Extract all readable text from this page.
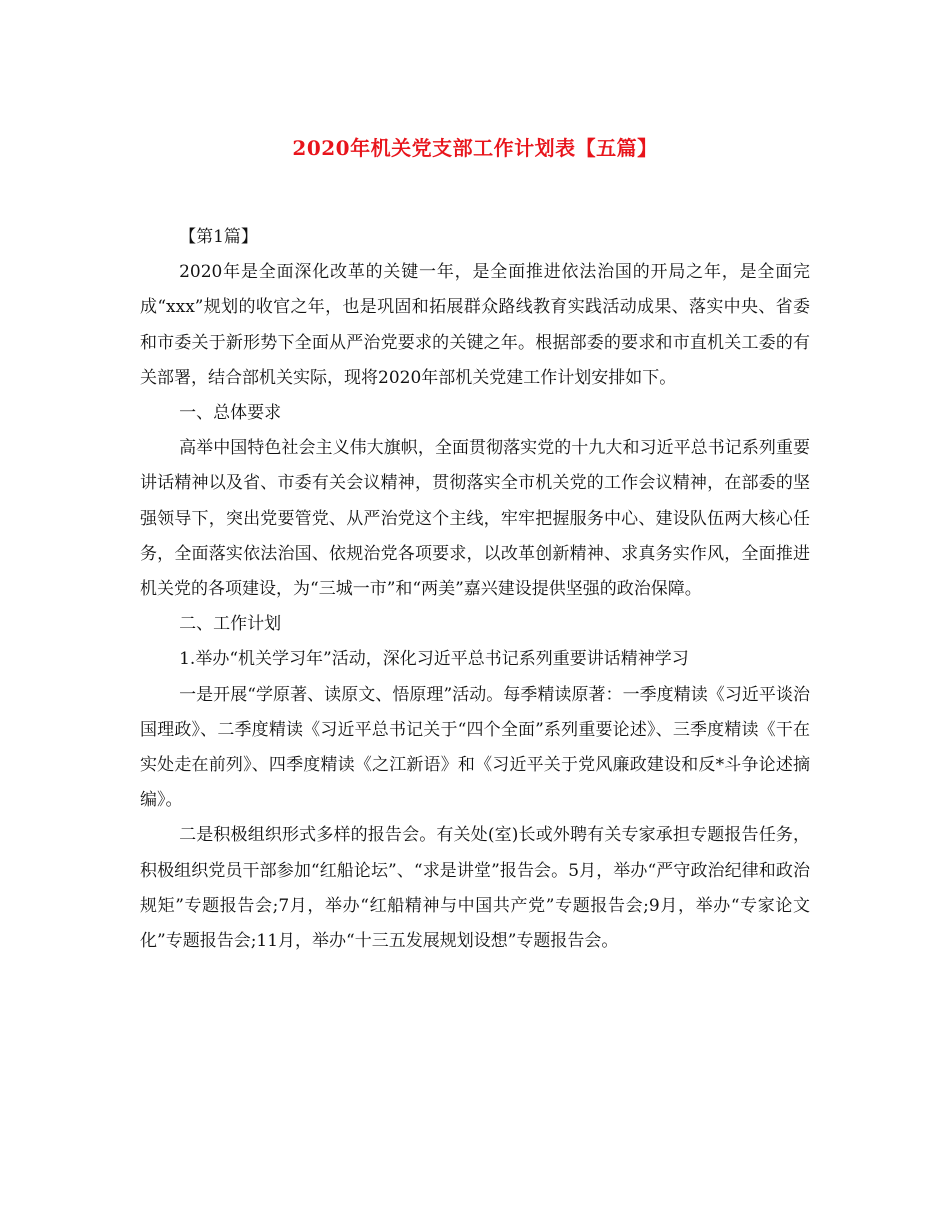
2020年机关党支部工作计划表【五篇】

【第1篇】

2020年是全面深化改革的关键一年，是全面推进依法治国的开局之年，是全面完成“xxx”规划的收官之年，也是巩固和拓展群众路线教育实践活动成果、落实中央、省委和市委关于新形势下全面从严治党要求的关键之年。根据部委的要求和市直机关工委的有关部署，结合部机关实际，现将2020年部机关党建工作计划安排如下。

一、总体要求

高举中国特色社会主义伟大旗帜，全面贯彻落实党的十九大和习近平总书记系列重要讲话精神以及省、市委有关会议精神，贯彻落实全市机关党的工作会议精神，在部委的坚强领导下，突出党要管党、从严治党这个主线，牢牢把握服务中心、建设队伍两大核心任务，全面落实依法治国、依规治党各项要求，以改革创新精神、求真务实作风，全面推进机关党的各项建设，为“三城一市”和“两美”嘉兴建设提供坚强的政治保障。

二、工作计划

1.举办“机关学习年”活动，深化习近平总书记系列重要讲话精神学习

一是开展“学原著、读原文、悟原理”活动。每季精读原著：一季度精读《习近平谈治国理政》、二季度精读《习近平总书记关于“四个全面”系列重要论述》、三季度精读《干在实处走在前列》、四季度精读《之江新语》和《习近平关于党风廉政建设和反*斗争论述摘编》。

二是积极组织形式多样的报告会。有关处(室)长或外聘有关专家承担专题报告任务，积极组织党员干部参加“红船论坛”、“求是讲堂”报告会。5月，举办“严守政治纪律和政治规矩”专题报告会;7月，举办“红船精神与中国共产党”专题报告会;9月，举办“专家论文化”专题报告会;11月，举办“十三五发展规划设想”专题报告会。
